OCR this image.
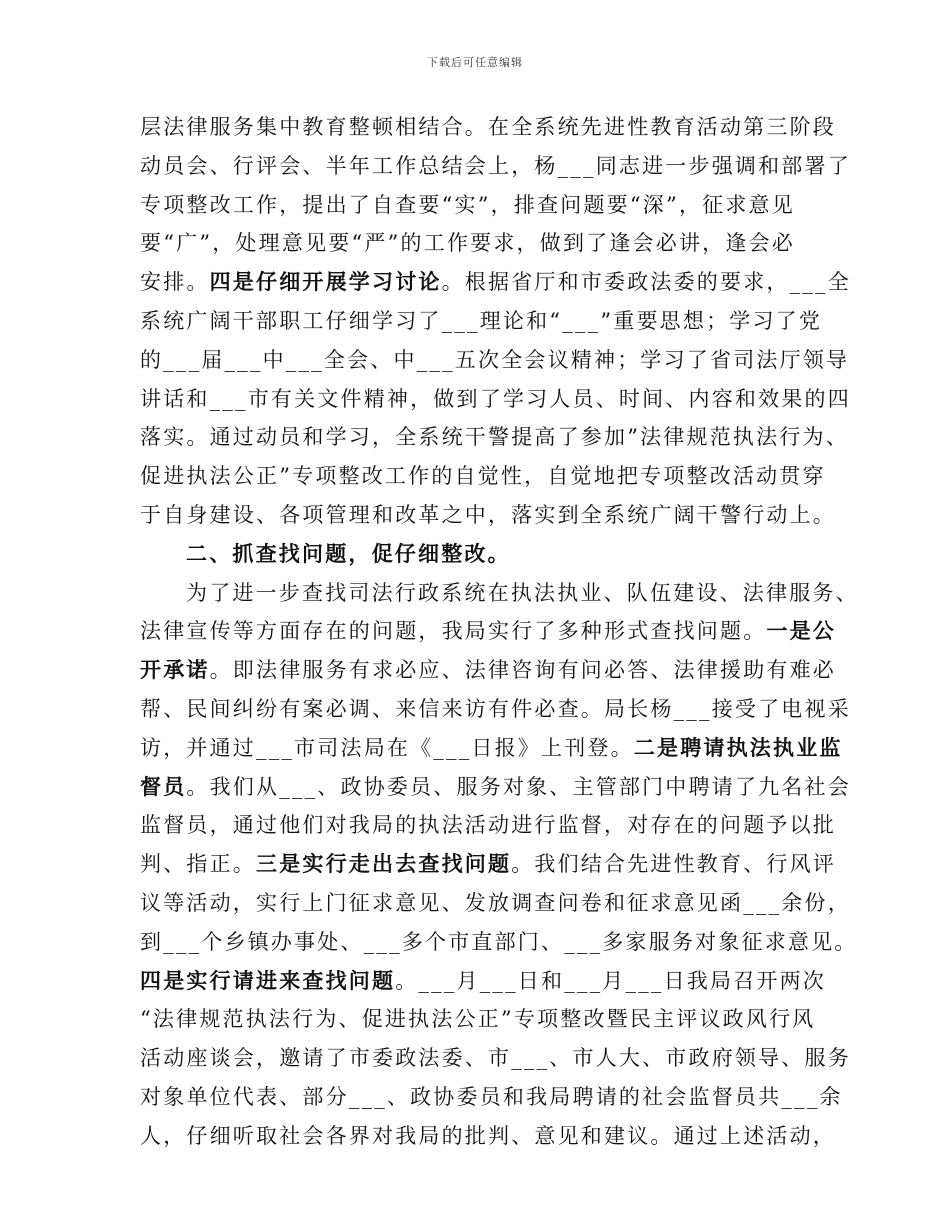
下载后可任意编辑
层法律服务集中教育整顿相结合。在全系统先进性教育活动第三阶段
动员会、行评会、半年工作总结会上，杨___同志进一步强调和部署了
专项整改工作，提出了自查要“实”，排查问题要“深”，征求意见
要“广”，处理意见要“严”的工作要求，做到了逢会必讲，逢会必
安排。四是仔细开展学习讨论。根据省厅和市委政法委的要求，___全
系统广阔干部职工仔细学习了___理论和“___”重要思想；学习了党
的___届___中___全会、中___五次全会议精神；学习了省司法厅领导
讲话和___市有关文件精神，做到了学习人员、时间、内容和效果的四
落实。通过动员和学习，全系统干警提高了参加”法律规范执法行为、
促进执法公正”专项整改工作的自觉性，自觉地把专项整改活动贯穿
于自身建设、各项管理和改革之中，落实到全系统广阔干警行动上。
二、抓查找问题，促仔细整改。
为了进一步查找司法行政系统在执法执业、队伍建设、法律服务、
法律宣传等方面存在的问题，我局实行了多种形式查找问题。一是公
开承诺。即法律服务有求必应、法律咨询有问必答、法律援助有难必
帮、民间纠纷有案必调、来信来访有件必查。局长杨___接受了电视采
访，并通过___市司法局在《___日报》上刊登。二是聘请执法执业监
督员。我们从___、政协委员、服务对象、主管部门中聘请了九名社会
监督员，通过他们对我局的执法活动进行监督，对存在的问题予以批
判、指正。三是实行走出去查找问题。我们结合先进性教育、行风评
议等活动，实行上门征求意见、发放调查问卷和征求意见函___余份，
到___个乡镇办事处、___多个市直部门、___多家服务对象征求意见。
四是实行请进来查找问题。___月___日和___月___日我局召开两次
“法律规范执法行为、促进执法公正”专项整改暨民主评议政风行风
活动座谈会，邀请了市委政法委、市___、市人大、市政府领导、服务
对象单位代表、部分___、政协委员和我局聘请的社会监督员共___余
人，仔细听取社会各界对我局的批判、意见和建议。通过上述活动，
